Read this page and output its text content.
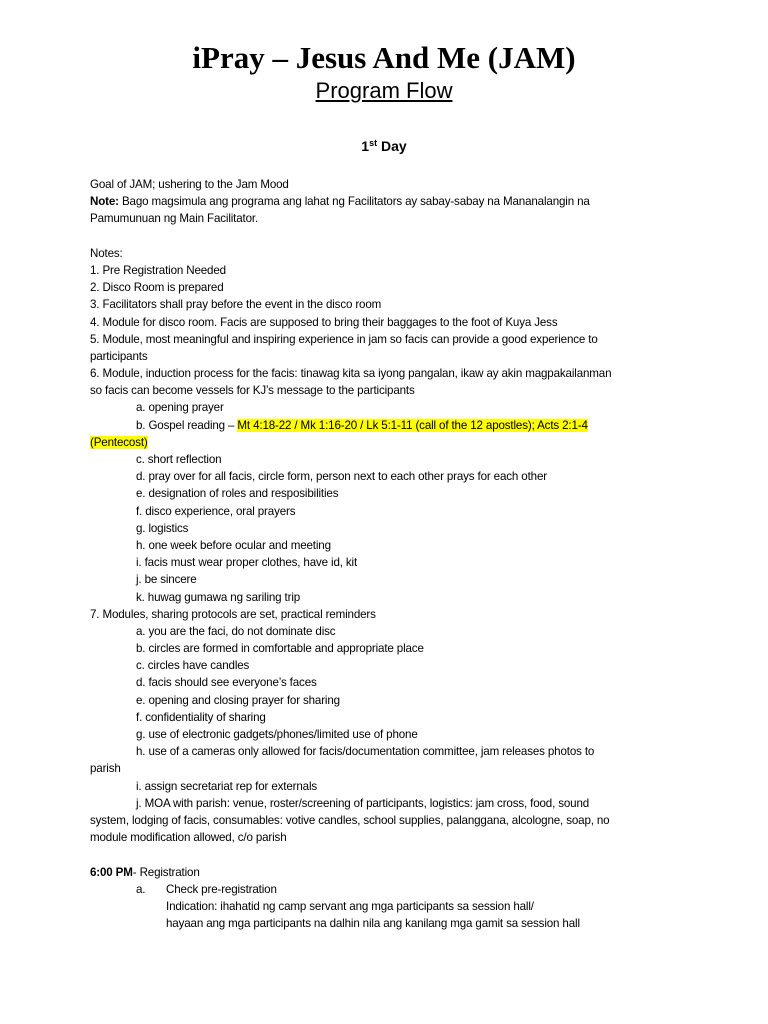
iPray – Jesus And Me (JAM)
Program Flow
1st Day
Goal of JAM; ushering to the Jam Mood
Note: Bago magsimula ang programa ang lahat ng Facilitators ay sabay-sabay na Mananalangin na
Pamumunuan ng Main Facilitator.
Notes:
1. Pre Registration Needed
2. Disco Room is prepared
3. Facilitators shall pray before the event in the disco room
4. Module for disco room. Facis are supposed to bring their baggages to the foot of Kuya Jess
5. Module, most meaningful and inspiring experience in jam so facis can provide a good experience to
participants
6. Module, induction process for the facis: tinawag kita sa iyong pangalan, ikaw ay akin magpakailanman
so facis can become vessels for KJ’s message to the participants
a. opening prayer
b. Gospel reading – Mt 4:18-22 / Mk 1:16-20 / Lk 5:1-11 (call of the 12 apostles); Acts 2:1-4
(Pentecost)
c. short reflection
d. pray over for all facis, circle form, person next to each other prays for each other
e. designation of roles and resposibilities
f. disco experience, oral prayers
g. logistics
h. one week before ocular and meeting
i. facis must wear proper clothes, have id, kit
j. be sincere
k. huwag gumawa ng sariling trip
7. Modules, sharing protocols are set, practical reminders
a. you are the faci, do not dominate disc
b. circles are formed in comfortable and appropriate place
c. circles have candles
d. facis should see everyone’s faces
e. opening and closing prayer for sharing
f. confidentiality of sharing
g. use of electronic gadgets/phones/limited use of phone
h. use of a cameras only allowed for facis/documentation committee, jam releases photos to
parish
i. assign secretariat rep for externals
j. MOA with parish: venue, roster/screening of participants, logistics: jam cross, food, sound
system, lodging of facis, consumables: votive candles, school supplies, palanggana, alcologne, soap, no
module modification allowed, c/o parish
6:00 PM- Registration
a. Check pre-registration
Indication: ihahatid ng camp servant ang mga participants sa session hall/
hayaan ang mga participants na dalhin nila ang kanilang mga gamit sa session hall
